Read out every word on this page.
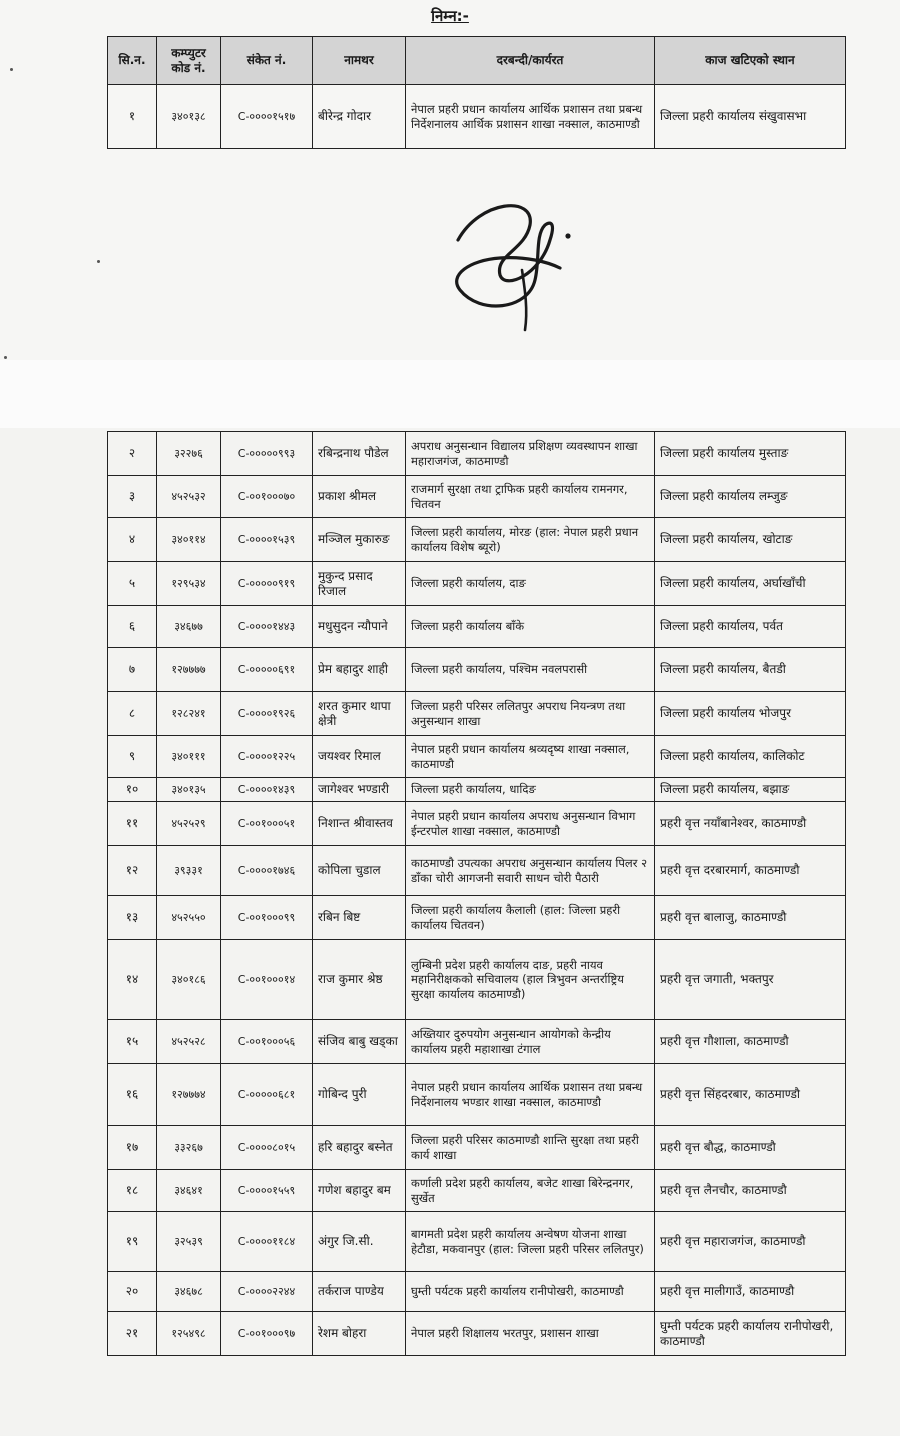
निम्न:-
सि.न.	कम्प्युटर कोड नं.	संकेत नं.	नामथर	दरबन्दी/कार्यरत	काज खटिएको स्थान
१	३४०१३८	C-००००१५१७	बीरेन्द्र गोदार	नेपाल प्रहरी प्रधान कार्यालय आर्थिक प्रशासन तथा प्रबन्ध निर्देशनालय आर्थिक प्रशासन शाखा नक्साल, काठमाण्डौ	जिल्ला प्रहरी कार्यालय संखुवासभा
२	३२२७६	C-०००००९९३	रबिन्द्रनाथ पौडेल	अपराध अनुसन्धान विद्यालय प्रशिक्षण व्यवस्थापन शाखा महाराजगंज, काठमाण्डौ	जिल्ला प्रहरी कार्यालय मुस्ताङ
३	४५२५३२	C-००१०००७०	प्रकाश श्रीमल	राजमार्ग सुरक्षा तथा ट्राफिक प्रहरी कार्यालय रामनगर, चितवन	जिल्ला प्रहरी कार्यालय लम्जुङ
४	३४०११४	C-००००१५३९	मञ्जिल मुकारुङ	जिल्ला प्रहरी कार्यालय, मोरङ (हाल: नेपाल प्रहरी प्रधान कार्यालय विशेष ब्यूरो)	जिल्ला प्रहरी कार्यालय, खोटाङ
५	१२९५३४	C-०००००९१९	मुकुन्द प्रसाद रिजाल	जिल्ला प्रहरी कार्यालय, दाङ	जिल्ला प्रहरी कार्यालय, अर्घाखाँची
६	३४६७७	C-००००१४४३	मधुसुदन न्यौपाने	जिल्ला प्रहरी कार्यालय बाँके	जिल्ला प्रहरी कार्यालय, पर्वत
७	१२७७७७	C-०००००६९१	प्रेम बहादुर शाही	जिल्ला प्रहरी कार्यालय, पश्चिम नवलपरासी	जिल्ला प्रहरी कार्यालय, बैतडी
८	१२८२४१	C-००००१९२६	शरत कुमार थापा क्षेत्री	जिल्ला प्रहरी परिसर ललितपुर अपराध नियन्त्रण तथा अनुसन्धान शाखा	जिल्ला प्रहरी कार्यालय भोजपुर
९	३४०१११	C-००००१२२५	जयश्वर रिमाल	नेपाल प्रहरी प्रधान कार्यालय श्रव्यदृष्य शाखा नक्साल, काठमाण्डौ	जिल्ला प्रहरी कार्यालय, कालिकोट
१०	३४०१३५	C-००००१४३९	जागेश्वर भण्डारी	जिल्ला प्रहरी कार्यालय, धादिङ	जिल्ला प्रहरी कार्यालय, बझाङ
११	४५२५२९	C-००१०००५१	निशान्त श्रीवास्तव	नेपाल प्रहरी प्रधान कार्यालय अपराध अनुसन्धान विभाग ईन्टरपोल शाखा नक्साल, काठमाण्डौ	प्रहरी वृत्त नयाँबानेश्वर, काठमाण्डौ
१२	३९३३१	C-००००१७४६	कोपिला चुडाल	काठमाण्डौ उपत्यका अपराध अनुसन्धान कार्यालय पिलर २ डाँका चोरी आगजनी सवारी साधन चोरी पैठारी	प्रहरी वृत्त दरबारमार्ग, काठमाण्डौ
१३	४५२५५०	C-००१०००९९	रबिन बिष्ट	जिल्ला प्रहरी कार्यालय कैलाली (हाल: जिल्ला प्रहरी कार्यालय चितवन)	प्रहरी वृत्त बालाजु, काठमाण्डौ
१४	३४०१८६	C-००१०००१४	राज कुमार श्रेष्ठ	लुम्बिनी प्रदेश प्रहरी कार्यालय दाङ, प्रहरी नायव महानिरीक्षकको सचिवालय (हाल त्रिभुवन अन्तर्राष्ट्रिय सुरक्षा कार्यालय काठमाण्डौ)	प्रहरी वृत्त जगाती, भक्तपुर
१५	४५२५२८	C-००१०००५६	संजिव बाबु खड्का	अख्तियार दुरुपयोग अनुसन्धान आयोगको केन्द्रीय कार्यालय प्रहरी महाशाखा टंगाल	प्रहरी वृत्त गौशाला, काठमाण्डौ
१६	१२७७७४	C-०००००६८१	गोबिन्द पुरी	नेपाल प्रहरी प्रधान कार्यालय आर्थिक प्रशासन तथा प्रबन्ध निर्देशनालय भण्डार शाखा नक्साल, काठमाण्डौ	प्रहरी वृत्त सिंहदरबार, काठमाण्डौ
१७	३३२६७	C-००००८०१५	हरि बहादुर बस्नेत	जिल्ला प्रहरी परिसर काठमाण्डौ शान्ति सुरक्षा तथा प्रहरी कार्य शाखा	प्रहरी वृत्त बौद्ध, काठमाण्डौ
१८	३४६४१	C-००००१५५९	गणेश बहादुर बम	कर्णाली प्रदेश प्रहरी कार्यालय, बजेट शाखा बिरेन्द्रनगर, सुर्खेत	प्रहरी वृत्त लैनचौर, काठमाण्डौ
१९	३२५३९	C-००००११८४	अंगुर जि.सी.	बागमती प्रदेश प्रहरी कार्यालय अन्वेषण योजना शाखा हेटौडा, मकवानपुर (हाल: जिल्ला प्रहरी परिसर ललितपुर)	प्रहरी वृत्त महाराजगंज, काठमाण्डौ
२०	३४६७८	C-००००२२४४	तर्कराज पाण्डेय	घुम्ती पर्यटक प्रहरी कार्यालय रानीपोखरी, काठमाण्डौ	प्रहरी वृत्त मालीगाउँ, काठमाण्डौ
२१	१२५४९८	C-००१०००९७	रेशम बोहरा	नेपाल प्रहरी शिक्षालय भरतपुर, प्रशासन शाखा	घुम्ती पर्यटक प्रहरी कार्यालय रानीपोखरी, काठमाण्डौ
